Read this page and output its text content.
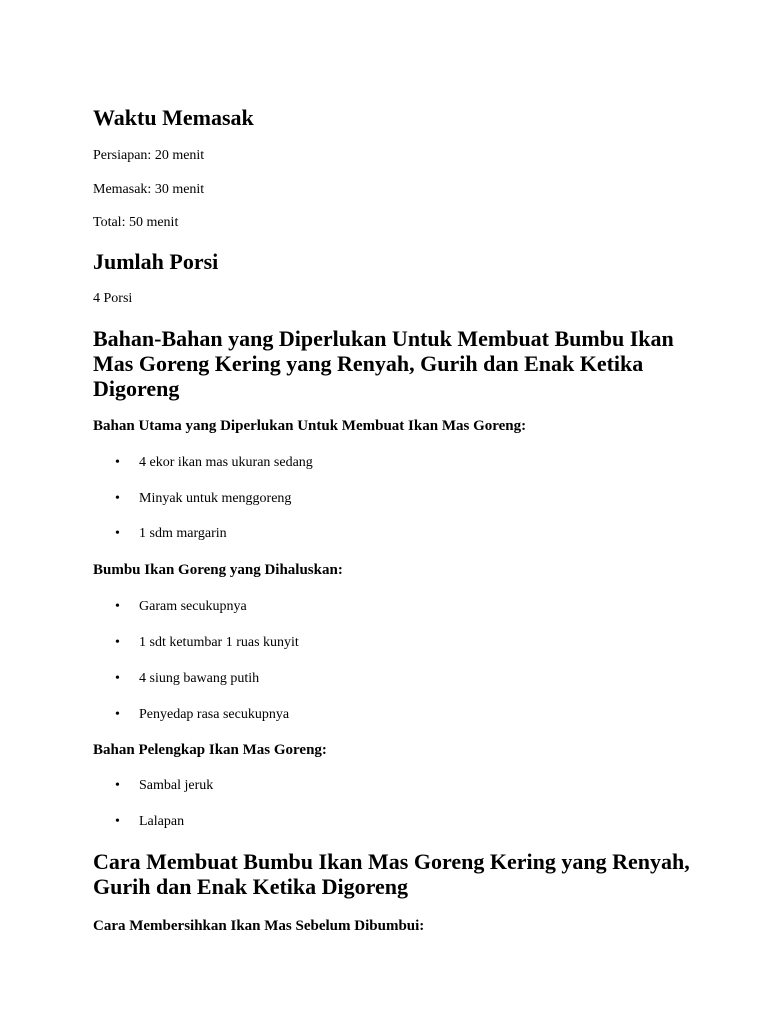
Waktu Memasak
Persiapan: 20 menit
Memasak: 30 menit
Total: 50 menit
Jumlah Porsi
4 Porsi
Bahan-Bahan yang Diperlukan Untuk Membuat Bumbu Ikan Mas Goreng Kering yang Renyah, Gurih dan Enak Ketika Digoreng
Bahan Utama yang Diperlukan Untuk Membuat Ikan Mas Goreng:
• 4 ekor ikan mas ukuran sedang
• Minyak untuk menggoreng
• 1 sdm margarin
Bumbu Ikan Goreng yang Dihaluskan:
• Garam secukupnya
• 1 sdt ketumbar 1 ruas kunyit
• 4 siung bawang putih
• Penyedap rasa secukupnya
Bahan Pelengkap Ikan Mas Goreng:
• Sambal jeruk
• Lalapan
Cara Membuat Bumbu Ikan Mas Goreng Kering yang Renyah, Gurih dan Enak Ketika Digoreng
Cara Membersihkan Ikan Mas Sebelum Dibumbui:
